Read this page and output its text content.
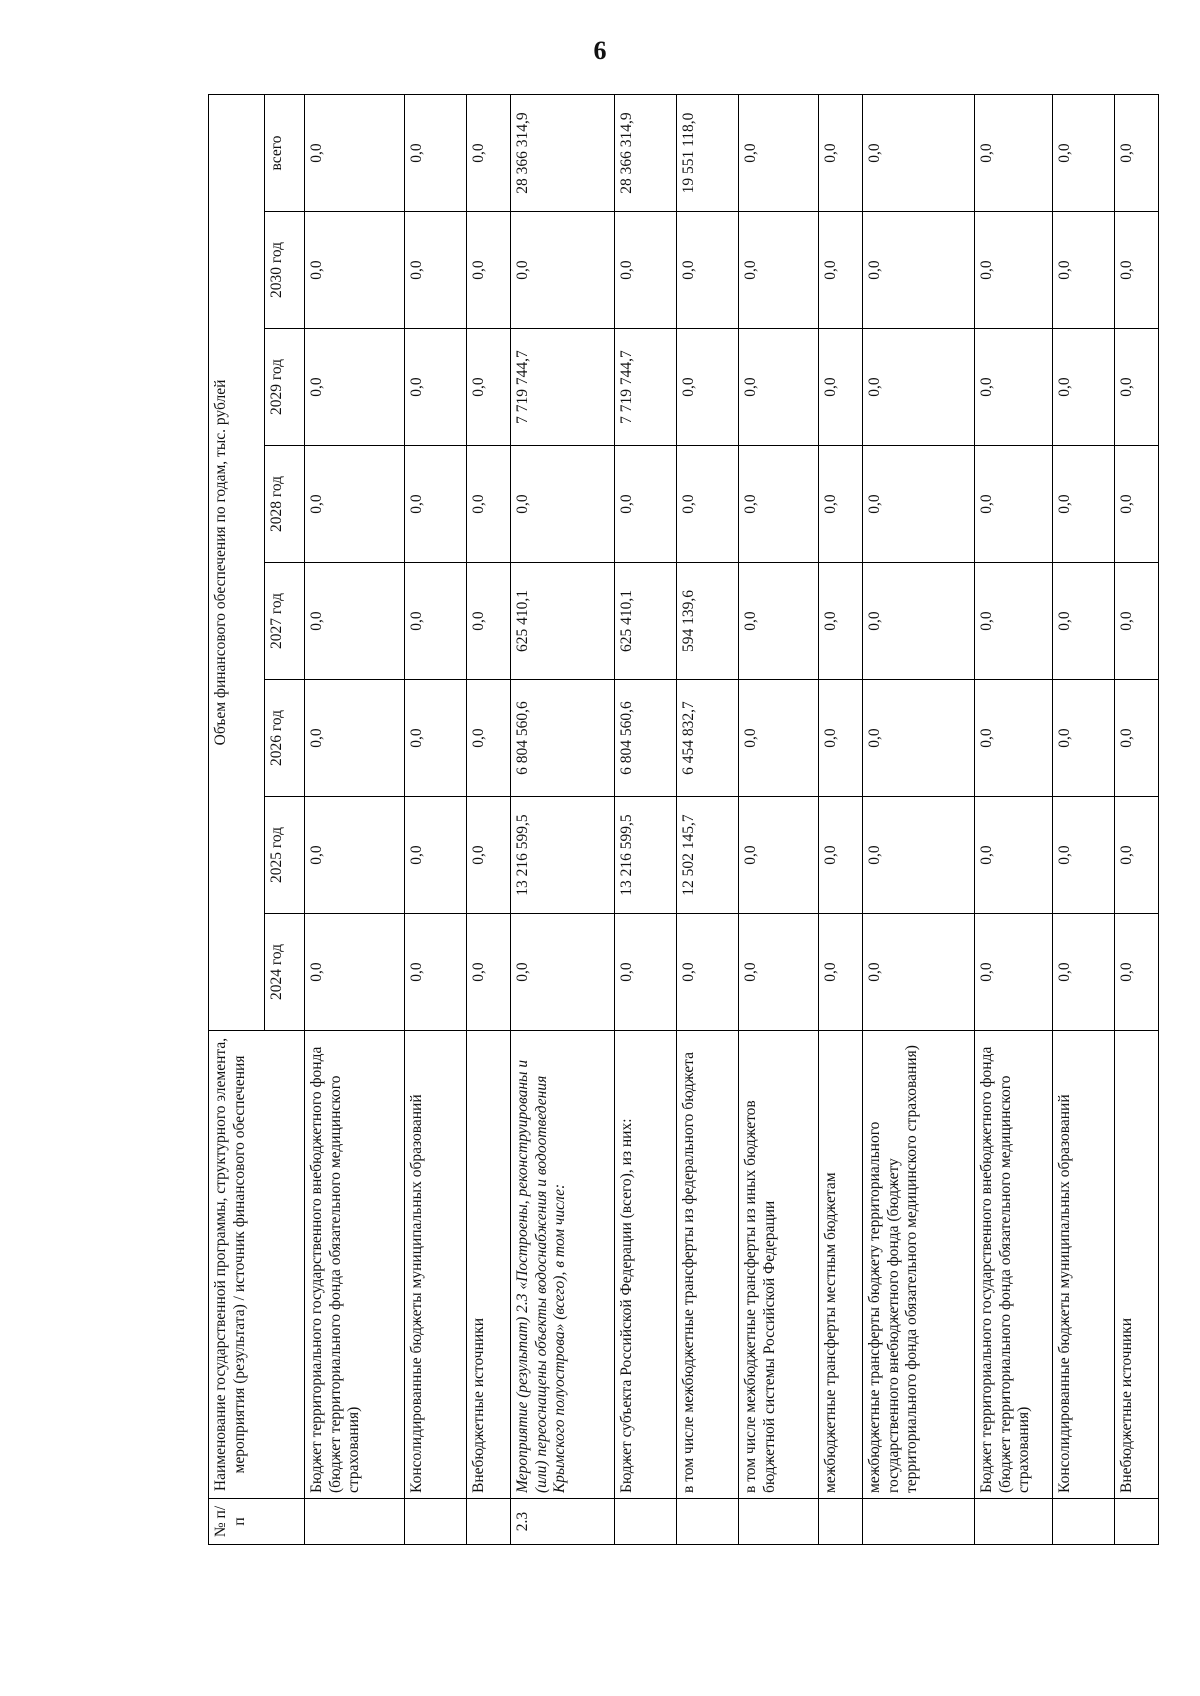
6
№ п/п	Наименование государственной программы, структурного элемента, мероприятия (результата) / источник финансового обеспечения	Объем финансового обеспечения по годам, тыс. рублей							
		2024 год	2025 год	2026 год	2027 год	2028 год	2029 год	2030 год	всего
	Бюджет территориального государственного внебюджетного фонда (бюджет территориального фонда обязательного медицинского страхования)	0,0	0,0	0,0	0,0	0,0	0,0	0,0	0,0
	Консолидированные бюджеты муниципальных образований	0,0	0,0	0,0	0,0	0,0	0,0	0,0	0,0
	Внебюджетные источники	0,0	0,0	0,0	0,0	0,0	0,0	0,0	0,0
2.3	Мероприятие (результат) 2.3 «Построены, реконструированы и (или) переоснащены объекты водоснабжения и водоотведения Крымского полуострова» (всего), в том числе:	0,0	13 216 599,5	6 804 560,6	625 410,1	0,0	7 719 744,7	0,0	28 366 314,9
	Бюджет субъекта Российской Федерации (всего), из них:	0,0	13 216 599,5	6 804 560,6	625 410,1	0,0	7 719 744,7	0,0	28 366 314,9
	в том числе межбюджетные трансферты из федерального бюджета	0,0	12 502 145,7	6 454 832,7	594 139,6	0,0	0,0	0,0	19 551 118,0
	в том числе межбюджетные трансферты из иных бюджетов бюджетной системы Российской Федерации	0,0	0,0	0,0	0,0	0,0	0,0	0,0	0,0
	межбюджетные трансферты местным бюджетам	0,0	0,0	0,0	0,0	0,0	0,0	0,0	0,0
	межбюджетные трансферты бюджету территориального государственного внебюджетного фонда (бюджету территориального фонда обязательного медицинского страхования)	0,0	0,0	0,0	0,0	0,0	0,0	0,0	0,0
	Бюджет территориального государственного внебюджетного фонда (бюджет территориального фонда обязательного медицинского страхования)	0,0	0,0	0,0	0,0	0,0	0,0	0,0	0,0
	Консолидированные бюджеты муниципальных образований	0,0	0,0	0,0	0,0	0,0	0,0	0,0	0,0
	Внебюджетные источники	0,0	0,0	0,0	0,0	0,0	0,0	0,0	0,0
